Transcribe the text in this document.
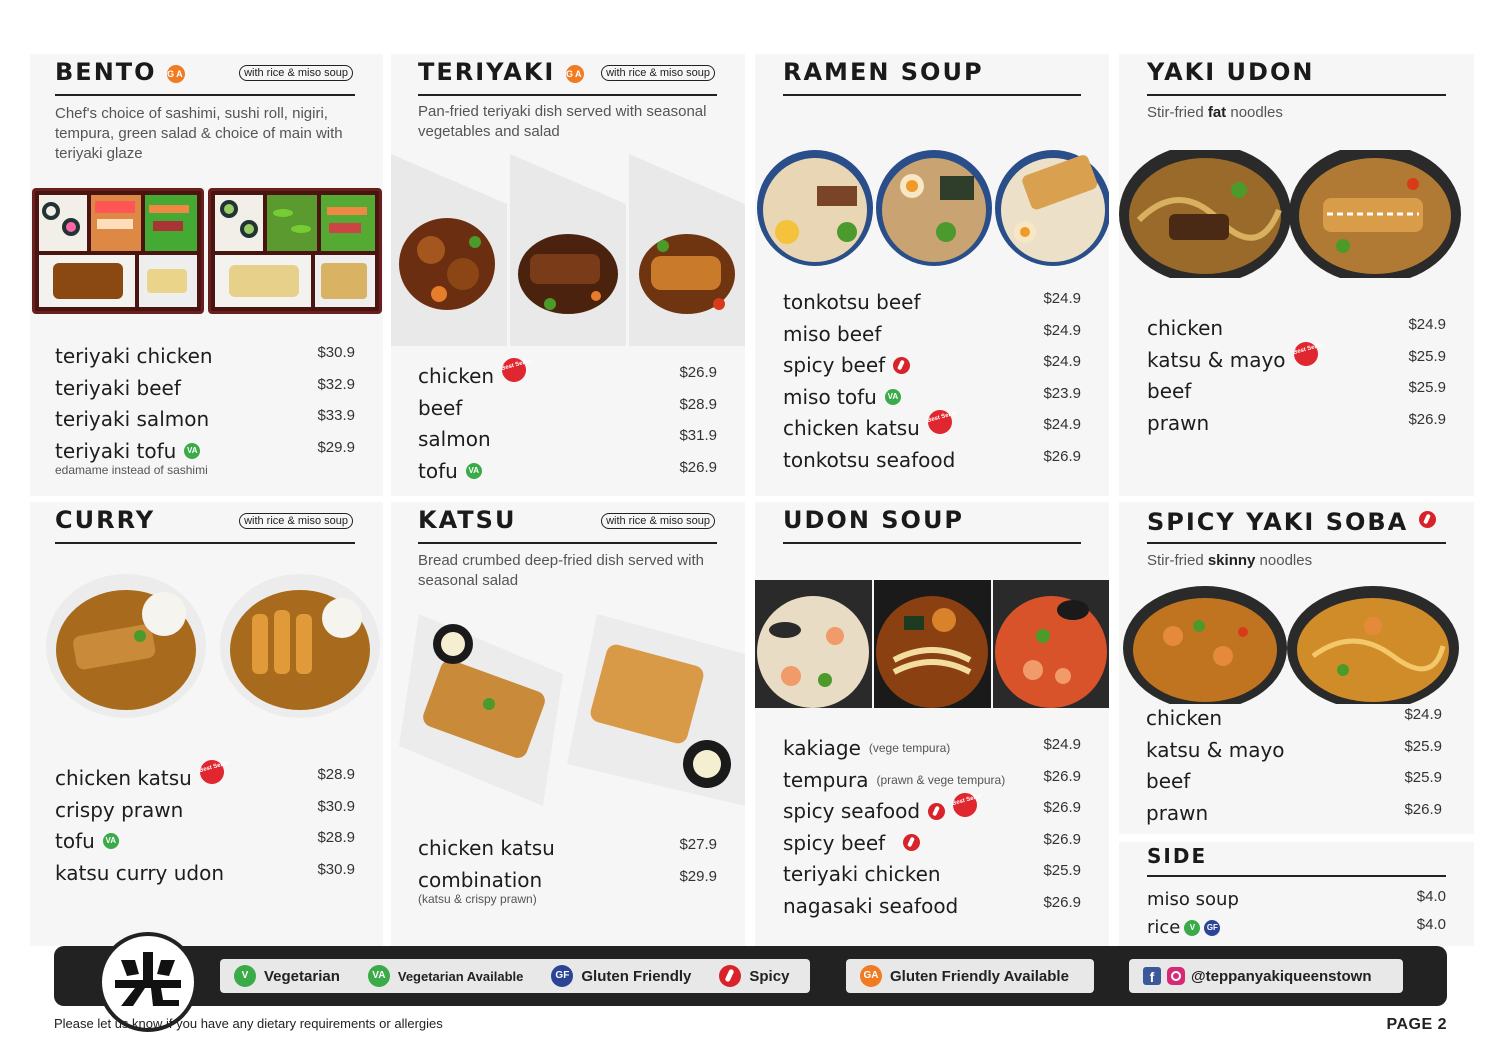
BENTO GA	with rice & miso soup
Chef's choice of sashimi, sushi roll, nigiri, tempura, green salad & choice of main with teriyaki glaze
teriyaki chicken	$30.9
teriyaki beef	$32.9
teriyaki salmon	$33.9
teriyaki tofu	VA	$29.9
edamame instead of sashimi
TERIYAKI GA	with rice & miso soup
Pan-fried teriyaki dish served with seasonal vegetables and salad
chicken Best Seller	$26.9
beef	$28.9
salmon	$31.9
tofu	VA	$26.9
RAMEN SOUP
tonkotsu beef	$24.9
miso beef	$24.9
spicy beef	$24.9
miso tofu	VA	$23.9
chicken katsu Best Seller	$24.9
tonkotsu seafood	$26.9
YAKI UDON
Stir-fried fat noodles
chicken	$24.9
katsu & mayo Best Seller	$25.9
beef	$25.9
prawn	$26.9
CURRY	with rice & miso soup
chicken katsu Best Seller	$28.9
crispy prawn	$30.9
tofu	VA	$28.9
katsu curry udon	$30.9
KATSU	with rice & miso soup
Bread crumbed deep-fried dish served with seasonal salad
chicken katsu	$27.9
combination	$29.9
(katsu & crispy prawn)
UDON SOUP
kakiage (vege tempura)	$24.9
tempura (prawn & vege tempura)	$26.9
spicy seafood	Best Seller	$26.9
spicy beef	$26.9
teriyaki chicken	$25.9
nagasaki seafood	$26.9
SPICY YAKI SOBA
Stir-fried skinny noodles
chicken	$24.9
katsu & mayo	$25.9
beef	$25.9
prawn	$26.9
SIDE
miso soup	$4.0
rice	V	GF	$4.0
V	Vegetarian	VA Vegetarian Available	GF Gluten Friendly	Spicy	GA Gluten Friendly Available	f	@teppanyakiqueenstown
Please let us know if you have any dietary requirements or allergies	PAGE 2
